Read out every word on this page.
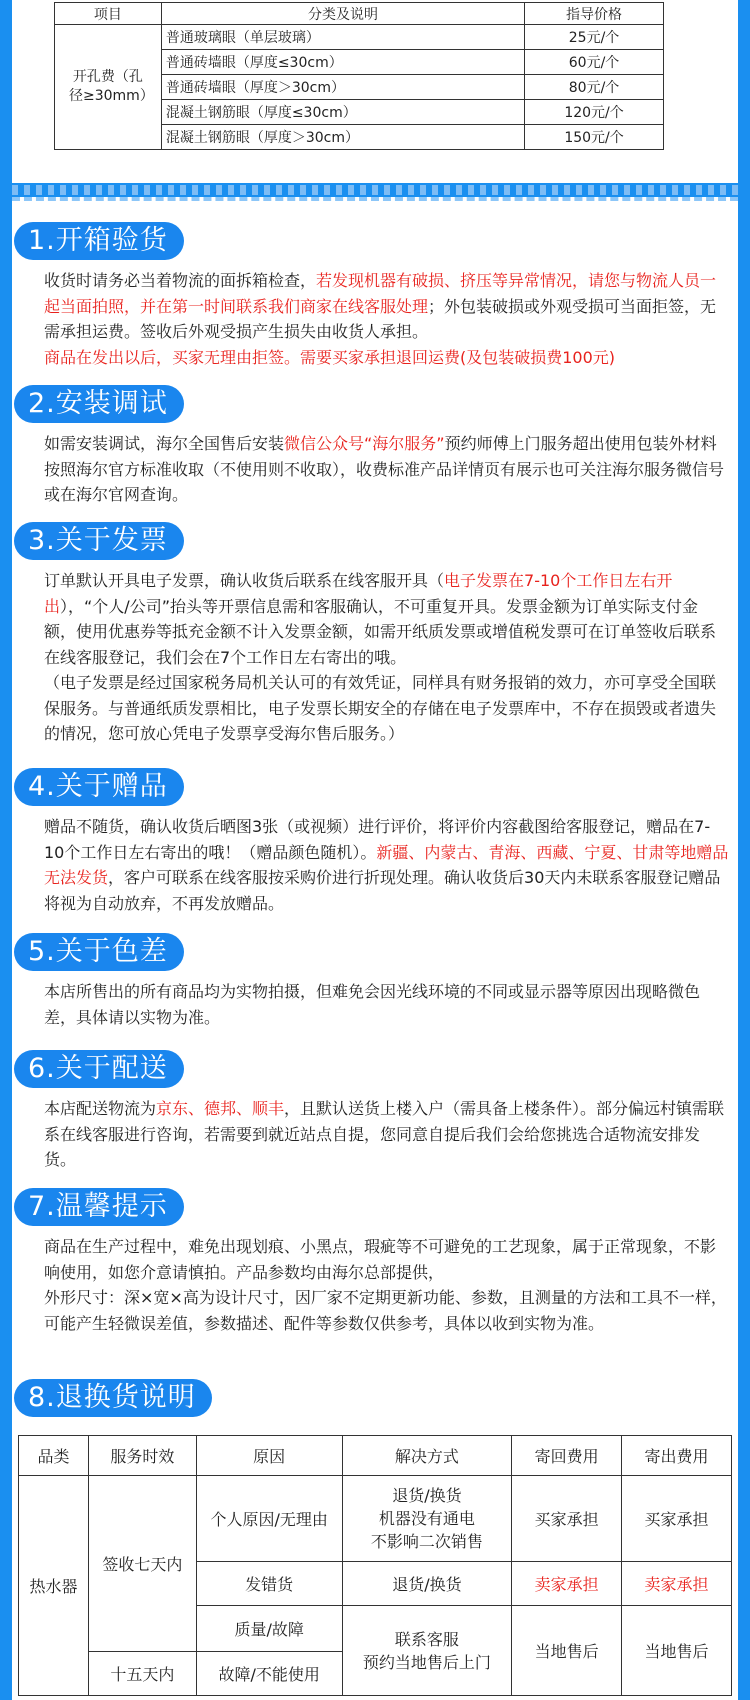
项目	分类及说明	指导价格
开孔费（孔径≥30mm）	普通玻璃眼（单层玻璃）	25元/个
	普通砖墙眼（厚度≤30cm）	60元/个
	普通砖墙眼（厚度＞30cm）	80元/个
	混凝土钢筋眼（厚度≤30cm）	120元/个
	混凝土钢筋眼（厚度＞30cm）	150元/个
1.开箱验货
收货时请务必当着物流的面拆箱检查，若发现机器有破损、挤压等异常情况，请您与物流人员一起当面拍照，并在第一时间联系我们商家在线客服处理；外包装破损或外观受损可当面拒签，无需承担运费。签收后外观受损产生损失由收货人承担。
商品在发出以后，买家无理由拒签。需要买家承担退回运费(及包装破损费100元)
2.安装调试
如需安装调试，海尔全国售后安装微信公众号“海尔服务”预约师傅上门服务超出使用包装外材料按照海尔官方标准收取（不使用则不收取），收费标准产品详情页有展示也可关注海尔服务微信号或在海尔官网查询。
3.关于发票
订单默认开具电子发票，确认收货后联系在线客服开具（电子发票在7-10个工作日左右开出），“个人/公司”抬头等开票信息需和客服确认，不可重复开具。发票金额为订单实际支付金额，使用优惠券等抵充金额不计入发票金额，如需开纸质发票或增值税发票可在订单签收后联系在线客服登记，我们会在7个工作日左右寄出的哦。
（电子发票是经过国家税务局机关认可的有效凭证，同样具有财务报销的效力，亦可享受全国联保服务。与普通纸质发票相比，电子发票长期安全的存储在电子发票库中，不存在损毁或者遗失的情况，您可放心凭电子发票享受海尔售后服务。）
4.关于赠品
赠品不随货，确认收货后晒图3张（或视频）进行评价，将评价内容截图给客服登记，赠品在7-10个工作日左右寄出的哦！（赠品颜色随机）。新疆、内蒙古、青海、西藏、宁夏、甘肃等地赠品无法发货，客户可联系在线客服按采购价进行折现处理。确认收货后30天内未联系客服登记赠品将视为自动放弃，不再发放赠品。
5.关于色差
本店所售出的所有商品均为实物拍摄，但难免会因光线环境的不同或显示器等原因出现略微色差，具体请以实物为准。
6.关于配送
本店配送物流为京东、德邦、顺丰，且默认送货上楼入户（需具备上楼条件）。部分偏远村镇需联系在线客服进行咨询，若需要到就近站点自提，您同意自提后我们会给您挑选合适物流安排发货。
7.温馨提示
商品在生产过程中，难免出现划痕、小黑点，瑕疵等不可避免的工艺现象，属于正常现象，不影响使用，如您介意请慎拍。产品参数均由海尔总部提供，
外形尺寸：深×宽×高为设计尺寸，因厂家不定期更新功能、参数，且测量的方法和工具不一样，可能产生轻微误差值，参数描述、配件等参数仅供参考，具体以收到实物为准。
8.退换货说明
品类	服务时效	原因	解决方式	寄回费用	寄出费用
热水器	签收七天内	个人原因/无理由	退货/换货
机器没有通电
不影响二次销售	买家承担	买家承担
		发错货	退货/换货	卖家承担	卖家承担
		质量/故障	联系客服
预约当地售后上门	当地售后	当地售后
	十五天内	故障/不能使用			
